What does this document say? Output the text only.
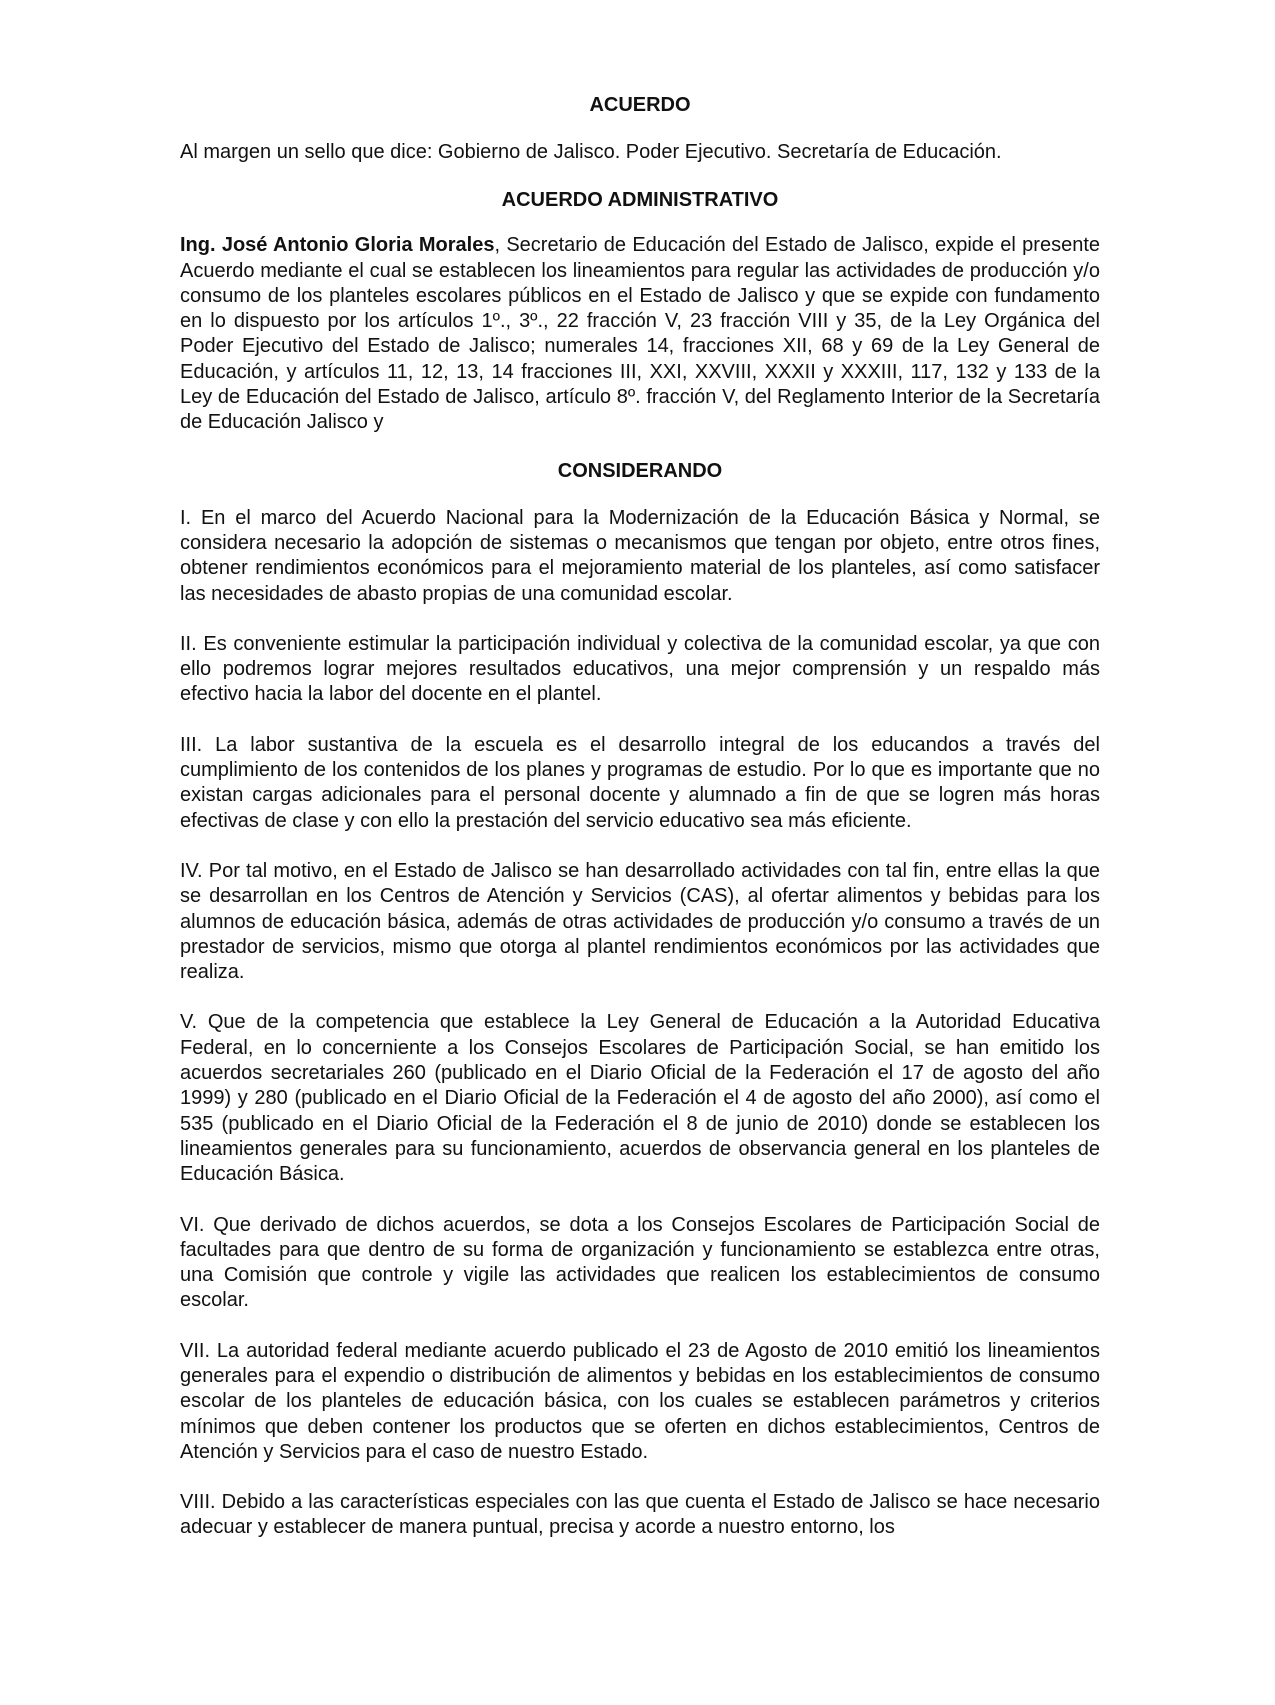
ACUERDO

Al margen un sello que dice: Gobierno de Jalisco. Poder Ejecutivo. Secretaría de Educación.

ACUERDO ADMINISTRATIVO

Ing. José Antonio Gloria Morales, Secretario de Educación del Estado de Jalisco, expide el presente Acuerdo mediante el cual se establecen los lineamientos para regular las actividades de producción y/o consumo de los planteles escolares públicos en el Estado de Jalisco y que se expide con fundamento en lo dispuesto por los artículos 1º., 3º., 22 fracción V, 23 fracción VIII y 35, de la Ley Orgánica del Poder Ejecutivo del Estado de Jalisco; numerales 14, fracciones XII, 68 y 69 de la Ley General de Educación, y artículos 11, 12, 13, 14 fracciones III, XXI, XXVIII, XXXII y XXXIII, 117, 132 y 133 de la Ley de Educación del Estado de Jalisco, artículo 8º. fracción V, del Reglamento Interior de la Secretaría de Educación Jalisco y

CONSIDERANDO

I. En el marco del Acuerdo Nacional para la Modernización de la Educación Básica y Normal, se considera necesario la adopción de sistemas o mecanismos que tengan por objeto, entre otros fines, obtener rendimientos económicos para el mejoramiento material de los planteles, así como satisfacer las necesidades de abasto propias de una comunidad escolar.

II. Es conveniente estimular la participación individual y colectiva de la comunidad escolar, ya que con ello podremos lograr mejores resultados educativos, una mejor comprensión y un respaldo más efectivo hacia la labor del docente en el plantel.

III. La labor sustantiva de la escuela es el desarrollo integral de los educandos a través del cumplimiento de los contenidos de los planes y programas de estudio. Por lo que es importante que no existan cargas adicionales para el personal docente y alumnado a fin de que se logren más horas efectivas de clase y con ello la prestación del servicio educativo sea más eficiente.

IV. Por tal motivo, en el Estado de Jalisco se han desarrollado actividades con tal fin, entre ellas la que se desarrollan en los Centros de Atención y Servicios (CAS), al ofertar alimentos y bebidas para los alumnos de educación básica, además de otras actividades de producción y/o consumo a través de un prestador de servicios, mismo que otorga al plantel rendimientos económicos por las actividades que realiza.

V. Que de la competencia que establece la Ley General de Educación a la Autoridad Educativa Federal, en lo concerniente a los Consejos Escolares de Participación Social, se han emitido los acuerdos secretariales 260 (publicado en el Diario Oficial de la Federación el 17 de agosto del año 1999) y 280 (publicado en el Diario Oficial de la Federación el 4 de agosto del año 2000), así como el 535 (publicado en el Diario Oficial de la Federación el 8 de junio de 2010) donde se establecen los lineamientos generales para su funcionamiento, acuerdos de observancia general en los planteles de Educación Básica.

VI. Que derivado de dichos acuerdos, se dota a los Consejos Escolares de Participación Social de facultades para que dentro de su forma de organización y funcionamiento se establezca entre otras, una Comisión que controle y vigile las actividades que realicen los establecimientos de consumo escolar.

VII. La autoridad federal mediante acuerdo publicado el 23 de Agosto de 2010 emitió los lineamientos generales para el expendio o distribución de alimentos y bebidas en los establecimientos de consumo escolar de los planteles de educación básica, con los cuales se establecen parámetros y criterios mínimos que deben contener los productos que se oferten en dichos establecimientos, Centros de Atención y Servicios para el caso de nuestro Estado.

VIII. Debido a las características especiales con las que cuenta el Estado de Jalisco se hace necesario adecuar y establecer de manera puntual, precisa y acorde a nuestro entorno, los
